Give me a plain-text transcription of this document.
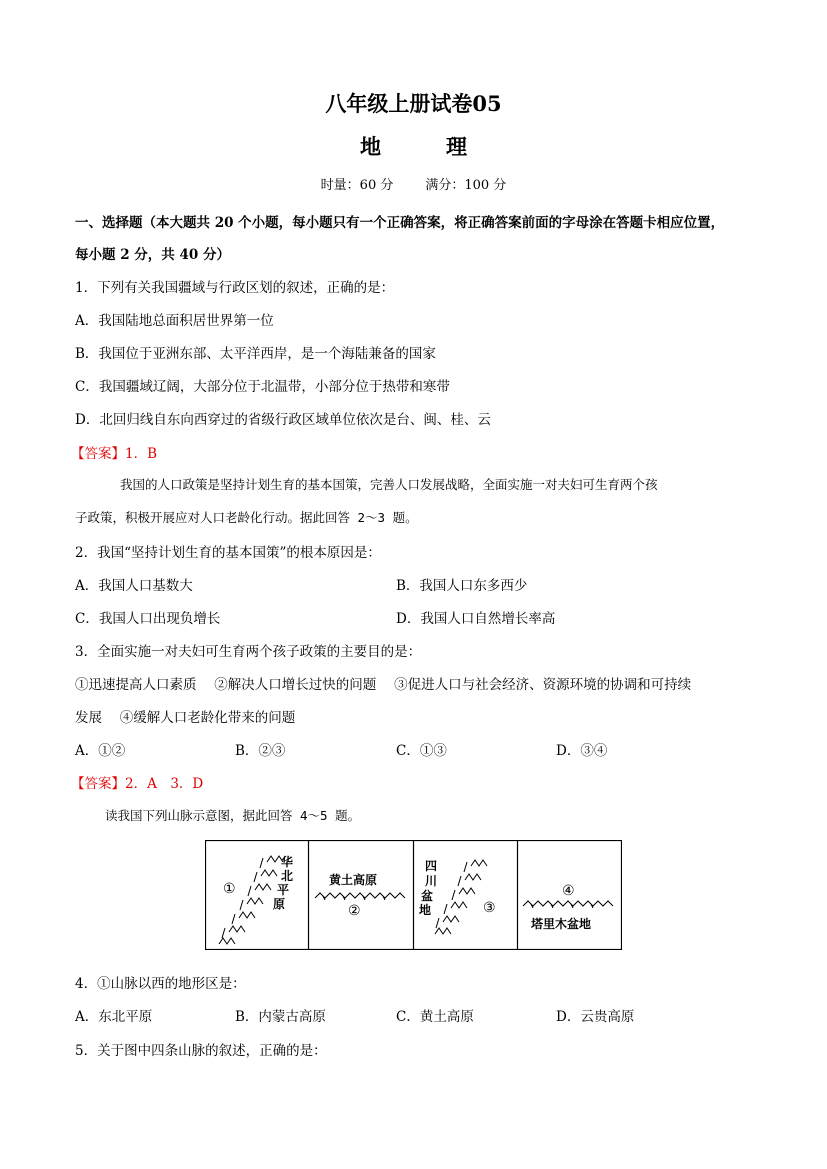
八年级上册试卷05
地　理
时量：60 分 满分：100 分
一、选择题（本大题共 20 个小题，每小题只有一个正确答案，将正确答案前面的字母涂在答题卡相应位置，
每小题 2 分，共 40 分）
1．下列有关我国疆域与行政区划的叙述，正确的是：
A．我国陆地总面积居世界第一位
B．我国位于亚洲东部、太平洋西岸，是一个海陆兼备的国家
C．我国疆域辽阔，大部分位于北温带，小部分位于热带和寒带
D．北回归线自东向西穿过的省级行政区域单位依次是台、闽、桂、云
【答案】1．B
我国的人口政策是坚持计划生育的基本国策，完善人口发展战略，全面实施一对夫妇可生育两个孩
子政策，积极开展应对人口老龄化行动。据此回答 2～3 题。
2．我国“坚持计划生育的基本国策”的根本原因是：
A．我国人口基数大	B．我国人口东多西少
C．我国人口出现负增长	D．我国人口自然增长率高
3．全面实施一对夫妇可生育两个孩子政策的主要目的是：
①迅速提高人口素质　 ②解决人口增长过快的问题　 ③促进人口与社会经济、资源环境的协调和可持续
发展　 ④缓解人口老龄化带来的问题
A．①②	B．②③	C．①③	D．③④
【答案】2．A　3．D
读我国下列山脉示意图，据此回答 4～5 题。
①
华
北
平
原
黄土高原
②
四
川
盆
地	③
④
塔里木盆地
4．①山脉以西的地形区是：
A．东北平原	B．内蒙古高原	C．黄土高原	D．云贵高原
5．关于图中四条山脉的叙述，正确的是：
